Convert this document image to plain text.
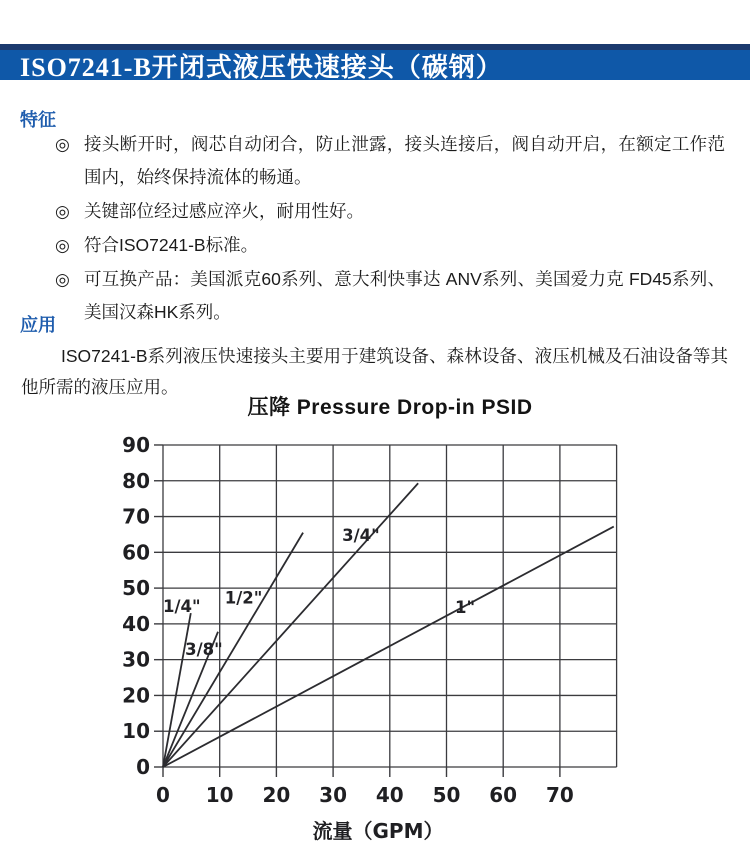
ISO7241-B开闭式液压快速接头（碳钢）
特征
◎ 接头断开时，阀芯自动闭合，防止泄露，接头连接后，阀自动开启，在额定工作范围内，始终保持流体的畅通。
◎ 关键部位经过感应淬火，耐用性好。
◎ 符合ISO7241-B标准。
◎ 可互换产品：美国派克60系列、意大利快事达 ANV系列、美国爱力克 FD45系列、美国汉森HK系列。
应用
ISO7241-B系列液压快速接头主要用于建筑设备、森林设备、液压机械及石油设备等其他所需的液压应用。
压降 Pressure Drop-in PSID
0 10 20 30 40 50 60 70
0
10
20
30
40
50
60
70
80
90
流量（GPM）
1/4"
3/8"
1/2"
3/4"
1"
